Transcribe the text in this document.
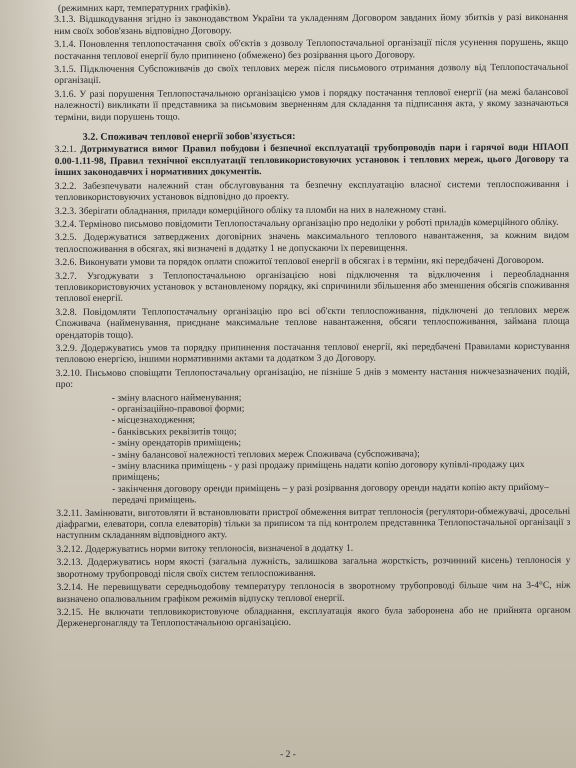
(режимних карт, температурних графіків).

3.1.3. Відшкодування згідно із законодавством України та укладенням Договором завданих йому збитків у разі виконання ним своїх зобов'язань відповідно Договору.

3.1.4. Поновлення теплопостачання своїх об'єктів з дозволу Теплопостачальної організації після усунення порушень, якщо постачання теплової енергії було припинено (обмежено) без розірвання цього Договору.

3.1.5. Підключення Субспоживачів до своїх теплових мереж після письмового отримання дозволу від Теплопостачальної організації.

3.1.6. У разі порушення Теплопостачальною організацією умов і порядку постачання теплової енергії (на межі балансової належності) викликати її представника за письмовим зверненням для складання та підписання акта, у якому зазначаються терміни, види порушень тощо.

3.2. Споживач теплової енергії зобов'язується:

3.2.1. Дотримуватися вимог Правил побудови і безпечної експлуатації трубопроводів пари і гарячої води НПАОП 0.00-1.11-98, Правил технічної експлуатації тепловикористовуючих установок і теплових мереж, цього Договору та інших законодавчих і нормативних документів.

3.2.2. Забезпечувати належний стан обслуговування та безпечну експлуатацію власної системи теплоспоживання і тепловикористовуючих установок відповідно до проекту.

3.2.3. Зберігати обладнання, прилади комерційного обліку та пломби на них в належному стані.

3.2.4. Терміново письмово повідомити Теплопостачальну організацію про недоліки у роботі приладів комерційного обліку.

3.2.5. Додержуватися затверджених договірних значень максимального теплового навантаження, за кожним видом теплоспоживання в обсягах, які визначені в додатку 1 не допускаючи їх перевищення.

3.2.6. Виконувати умови та порядок оплати спожитої теплової енергії в обсягах і в терміни, які передбачені Договором.

3.2.7. Узгоджувати з Теплопостачальною організацією нові підключення та відключення і переобладнання тепловикористовуючих установок у встановленому порядку, які спричинили збільшення або зменшення обсягів споживання теплової енергії.

3.2.8. Повідомляти Теплопостачальну організацію про всі об'єкти теплоспоживання, підключені до теплових мереж Споживача (найменування, приєднане максимальне теплове навантаження, обсяги теплоспоживання, займана площа орендаторів тощо).

3.2.9. Додержуватись умов та порядку припинення постачання теплової енергії, які передбачені Правилами користування тепловою енергією, іншими нормативними актами та додатком 3 до Договору.

3.2.10. Письмово сповіщати Теплопостачальну організацію, не пізніше 5 днів з моменту настання нижчезазначених подій, про:

- зміну власного найменування;
- організаційно-правової форми;
- місцезнаходження;
- банківських реквізитів тощо;
- зміну орендаторів приміщень;
- зміну балансової належності теплових мереж Споживача (субспоживача);
- зміну власника приміщень - у разі продажу приміщень надати копію договору купівлі-продажу цих приміщень;
- закінчення договору оренди приміщень – у разі розірвання договору оренди надати копію акту прийому–передачі приміщень.

3.2.11. Замінювати, виготовляти й встановлювати пристрої обмеження витрат теплоносія (регулятори-обмежувачі, дросельні діафрагми, елеватори, сопла елеваторів) тільки за приписом та під контролем представника Теплопостачальної організації з наступним складанням відповідного акту.

3.2.12. Додержуватись норми витоку теплоносія, визначеної в додатку 1.

3.2.13. Додержуватись норм якості (загальна лужність, залишкова загальна жорсткість, розчинний кисень) теплоносія у зворотному трубопроводі після своїх систем теплоспоживання.

3.2.14. Не перевищувати середньодобову температуру теплоносія в зворотному трубопроводі більше чим на 3-4°С, ніж визначено опалювальним графіком режимів відпуску теплової енергії.

3.2.15. Не включати тепловикористовуюче обладнання, експлуатація якого була заборонена або не прийнята органом Держенергонагляду та Теплопостачальною організацією.

- 2 -
